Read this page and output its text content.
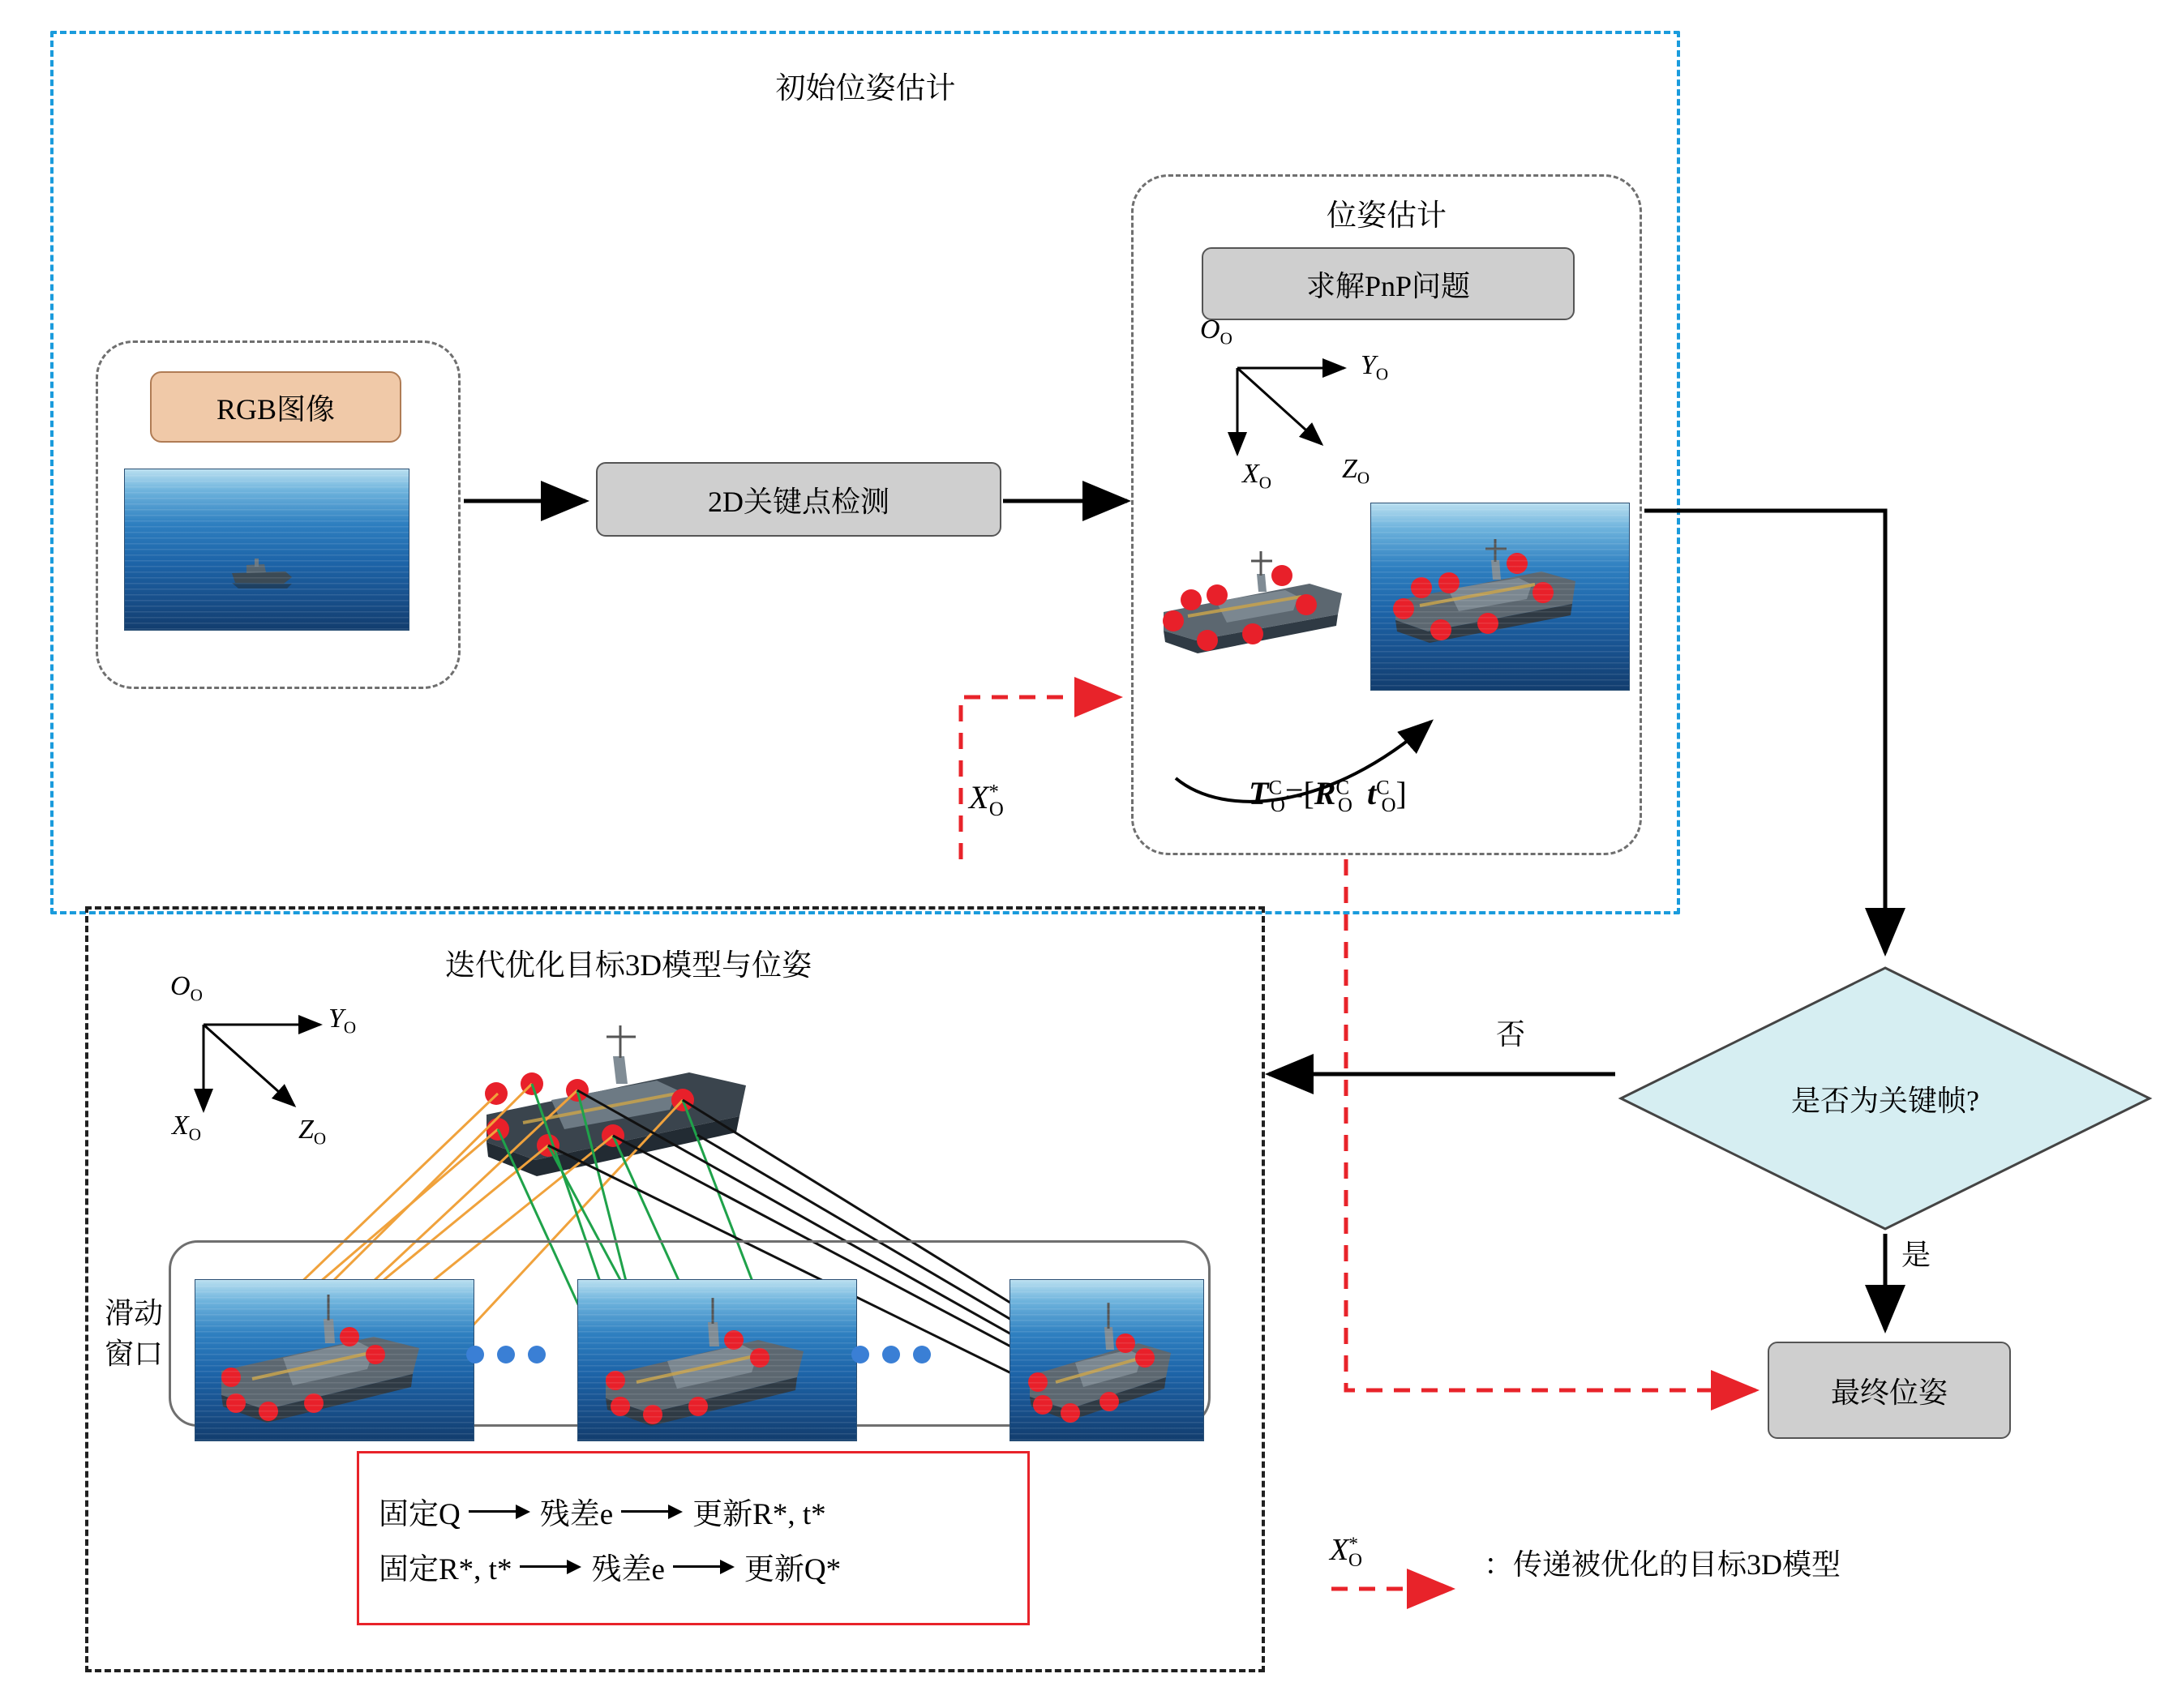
初始位姿估计
位姿估计
迭代优化目标3D模型与位姿
RGB图像
2D关键点检测
求解PnP问题
$O_O$
$Y_O$
$X_O$	$Z_O$
$T^C_O=[R^C_O$ $t^C_O$]
$X^*_O$
否
是
是否为关键帧?
最终位姿
$O_O$
$Y_O$
$X_O$	$Z_O$
滑动
窗口
固定Q	残差e	更新R*, t*
固定R*, t*	残差e	更新Q*
$X^*_O$	：传递被优化的目标3D模型
